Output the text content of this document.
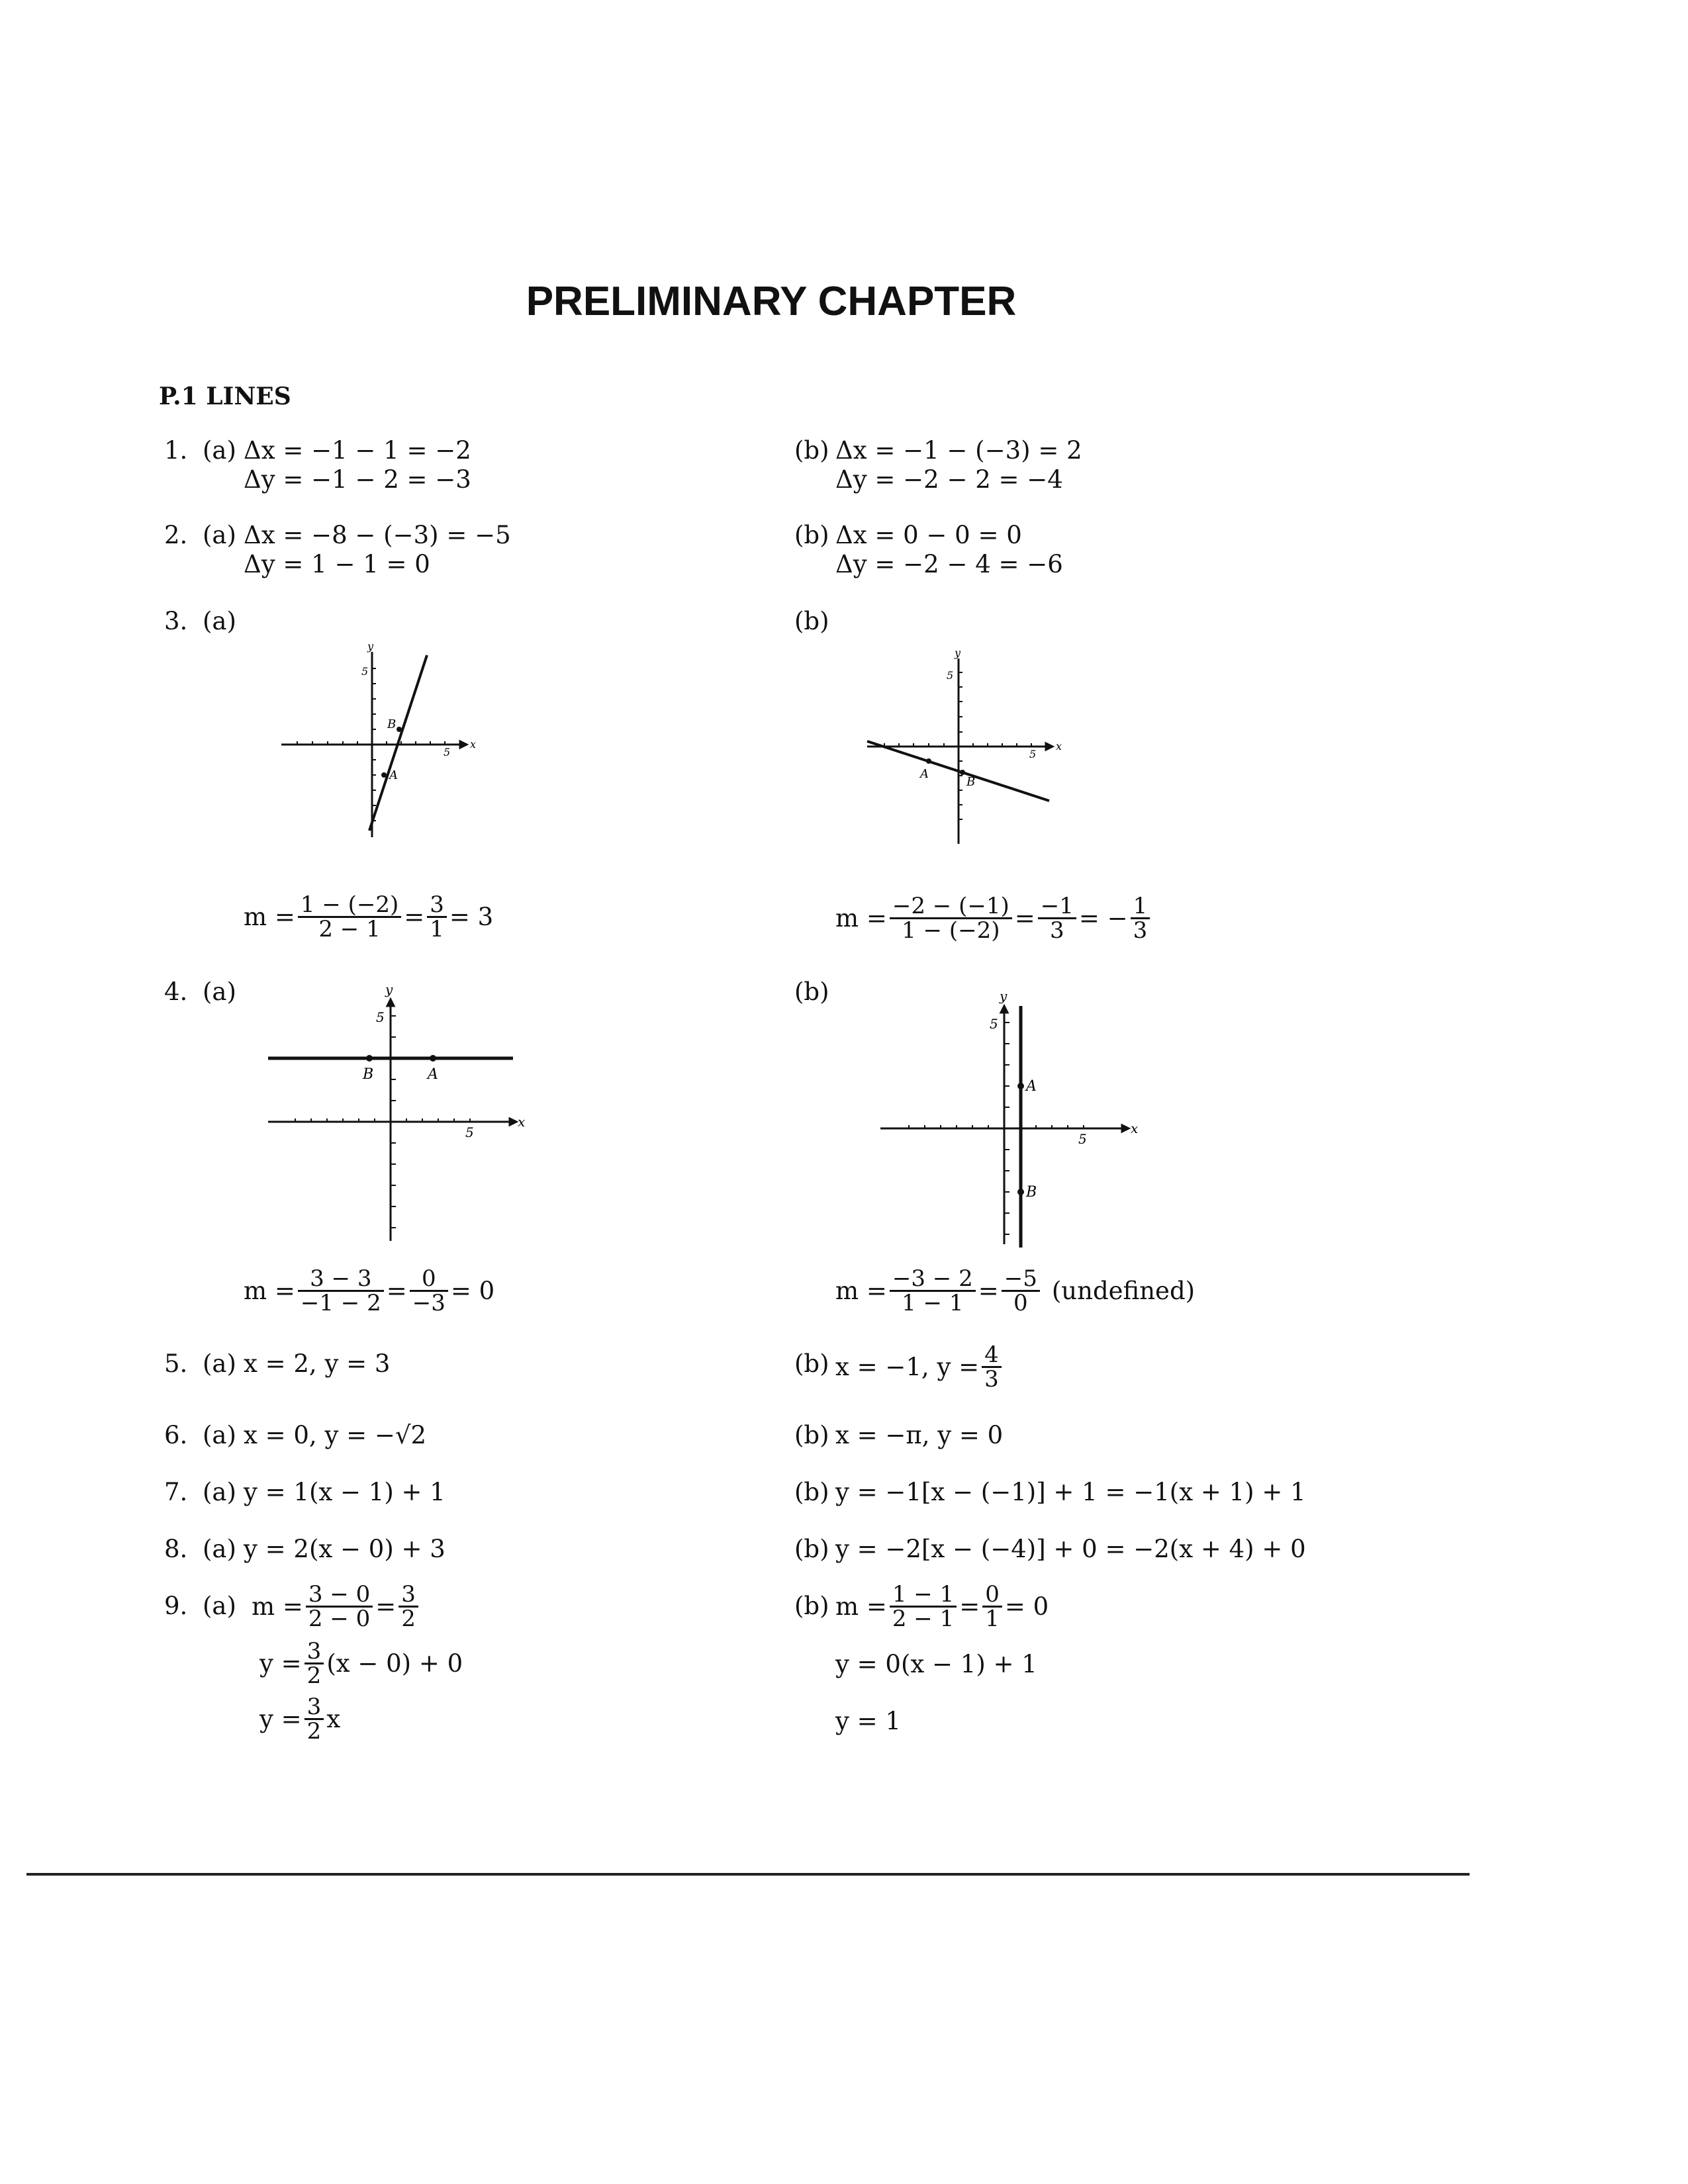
PRELIMINARY CHAPTER
P.1 LINES
1. (a) Δx = −1 − 1 = −2
Δy = −1 − 2 = −3
(b) Δx = −1 − (−3) = 2
Δy = −2 − 2 = −4
2. (a) Δx = −8 − (−3) = −5
Δy = 1 − 1 = 0
(b) Δx = 0 − 0 = 0
Δy = −2 − 4 = −6
3. (a)	(b)
B
A
x
y
5
5
A
B
x
y
5
5
$m = \frac{1 - (-2)}{2 - 1} = \frac{3}{1} = 3$	$m = \frac{-2 - (-1)}{1 - (-2)} = \frac{-1}{3}$ = − $\frac{1}{3}$
4. (a)	(b)
B	A
x
y
5
5
A
B
x
y
5
5
$m = \frac{3 - 3}{-1 - 2} = \frac{0}{-3} = 0$	$m = \frac{-3 - 2}{1 - 1} = \frac{-5}{0}$ (undefined)
5. (a) x = 2, y = 3	(b) x = −1, $y = \frac{4}{3}$
6. (a) x = 0, y = −√2	(b) x = −π, y = 0
7. (a) y = 1(x − 1) + 1	(b) y = −1[x − (−1)] + 1 = −1(x + 1) + 1
8. (a) y = 2(x − 0) + 3	(b) y = −2[x − (−4)] + 0 = −2(x + 4) + 0
9. (a) $m = \frac{3 - 0}{2 - 0} = \frac{3}{2}$
$y = \frac{3}{2} (x - 0) + 0$
$y = \frac{3}{2}$ x
(b) $m = \frac{1 - 1}{2 - 1} = \frac{0}{1} = 0$
y = 0(x − 1) + 1
y = 1
